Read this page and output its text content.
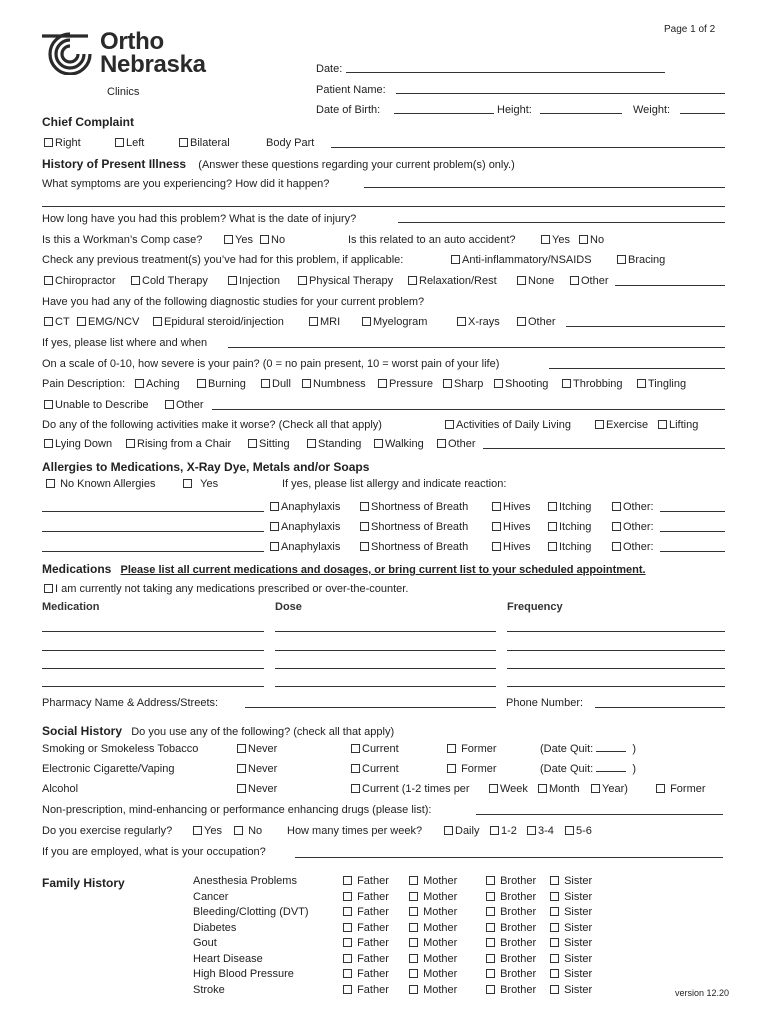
Page 1 of 2
Ortho
Nebraska
Clinics
Date:
Patient Name:
Date of Birth:	Height:	Weight:
Chief Complaint
Right	Left	Bilateral	Body Part
History of Present Illness (Answer these questions regarding your current problem(s) only.)
What symptoms are you experiencing? How did it happen?
How long have you had this problem? What is the date of injury?
Is this a Workman’s Comp case?	Yes	No	Is this related to an auto accident?	Yes	No
Check any previous treatment(s) you’ve had for this problem, if applicable:	Anti-inflammatory/NSAIDS	Bracing
Chiropractor	Cold Therapy	Injection	Physical Therapy	Relaxation/Rest	None	Other
Have you had any of the following diagnostic studies for your current problem?
CT	EMG/NCV	Epidural steroid/injection	MRI	Myelogram	X-rays	Other
If yes, please list where and when
On a scale of 0-10, how severe is your pain? (0 = no pain present, 10 = worst pain of your life)
Pain Description:	Aching	Burning	Dull	Numbness	Pressure	Sharp	Shooting	Throbbing	Tingling
Unable to Describe	Other
Do any of the following activities make it worse? (Check all that apply)	Activities of Daily Living	Exercise	Lifting
Lying Down	Rising from a Chair	Sitting	Standing	Walking	Other
Allergies to Medications, X-Ray Dye, Metals and/or Soaps
No Known Allergies	Yes	If yes, please list allergy and indicate reaction:
Anaphylaxis	Shortness of Breath	Hives	Itching	Other:
Anaphylaxis	Shortness of Breath	Hives	Itching	Other:
Anaphylaxis	Shortness of Breath	Hives	Itching	Other:
Medications Please list all current medications and dosages, or bring current list to your scheduled appointment.
I am currently not taking any medications prescribed or over-the-counter.
Medication	Dose	Frequency
Pharmacy Name & Address/Streets:	Phone Number:
Social History Do you use any of the following? (check all that apply)
Smoking or Smokeless Tobacco	Never	Current	Former	(Date Quit:	)
Electronic Cigarette/Vaping	Never	Current	Former	(Date Quit:	)
Alcohol	Never	Current (1-2 times per	Week	Month	Year)	Former
Non-prescription, mind-enhancing or performance enhancing drugs (please list):
Do you exercise regularly?	Yes	No How many times per week?	Daily	1-2	3-4	5-6
If you are employed, what is your occupation?
Family History	Anesthesia Problems	Father	Mother	Brother	Sister
Cancer	Father	Mother	Brother	Sister
Bleeding/Clotting (DVT)	Father	Mother	Brother	Sister
Diabetes	Father	Mother	Brother	Sister
Gout	Father	Mother	Brother	Sister
Heart Disease	Father	Mother	Brother	Sister
High Blood Pressure	Father	Mother	Brother	Sister
Stroke	Father	Mother	Brother	Sister	version 12.20
